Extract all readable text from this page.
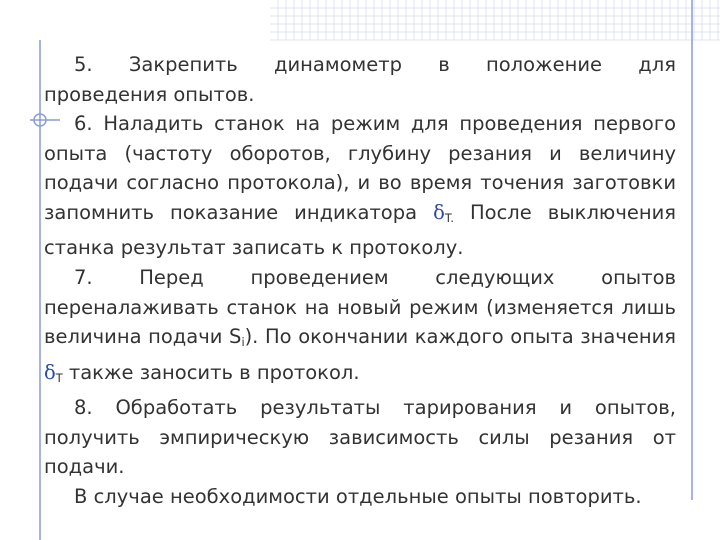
5. Закрепить динамометр в положение для

проведения опытов.

6. Наладить станок на режим для проведения первого опыта (частоту оборотов, глубину резания и величину подачи согласно протокола), и во время точения заготовки запомнить показание индикатора $\delta_{T.}$ После выключения станка результат записать к протоколу.

7. Перед проведением следующих опытов переналаживать станок на новый режим (изменяется лишь величина подачи $S_i$). По окончании каждого опыта значения $\delta_T$ также заносить в протокол.

8. Обработать результаты тарирования и опытов, получить эмпирическую зависимость силы резания от подачи.

В случае необходимости отдельные опыты повторить.
